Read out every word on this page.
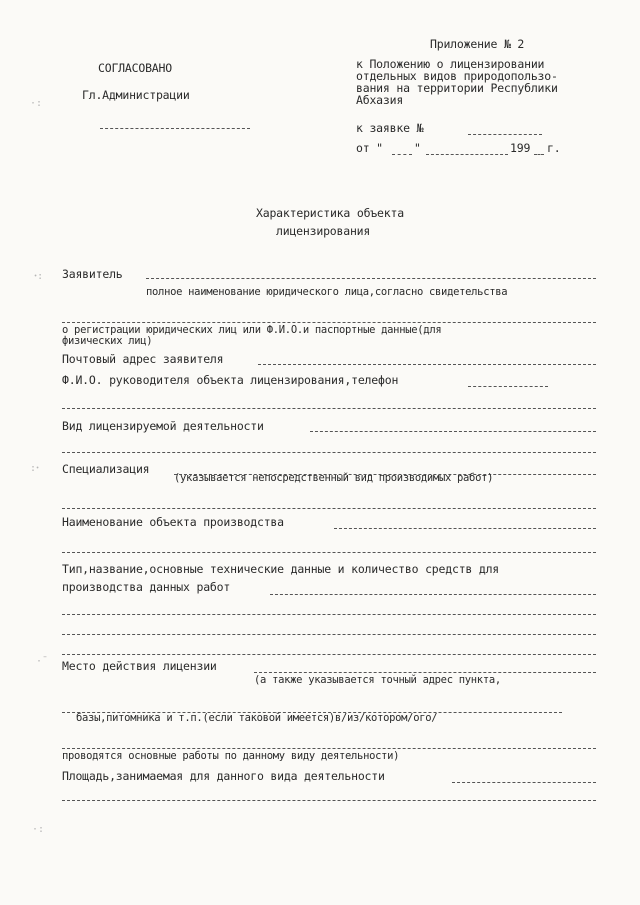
·:
ꞏ:
:ꞏ
·̄
·:
Приложение № 2
к Положению о лицензировании
отдельных видов природопользо-
вания на территории Республики
Абхазия
СОГЛАСОВАНО
Гл.Администрации
к заявке №
от "	"	199 г.
Характеристика объекта
лицензирования
Заявитель
полное наименование юридического лица,согласно свидетельства
о регистрации юридических лиц или Ф.И.О.и паспортные данные(для
физических лиц)
Почтовый адрес заявителя
Ф.И.О. руководителя объекта лицензирования,телефон
Вид лицензируемой деятельности
Специализация
(указывается непосредственный вид производимых работ)
Наименование объекта производства
Тип,название,основные технические данные и количество средств для
производства данных работ
Место действия лицензии
(а также указывается точный адрес пункта,
базы,питомника и т.п.(если таковой имеется)в/из/котором/ого/
проводятся основные работы по данному виду деятельности)
Площадь,занимаемая для данного вида деятельности
